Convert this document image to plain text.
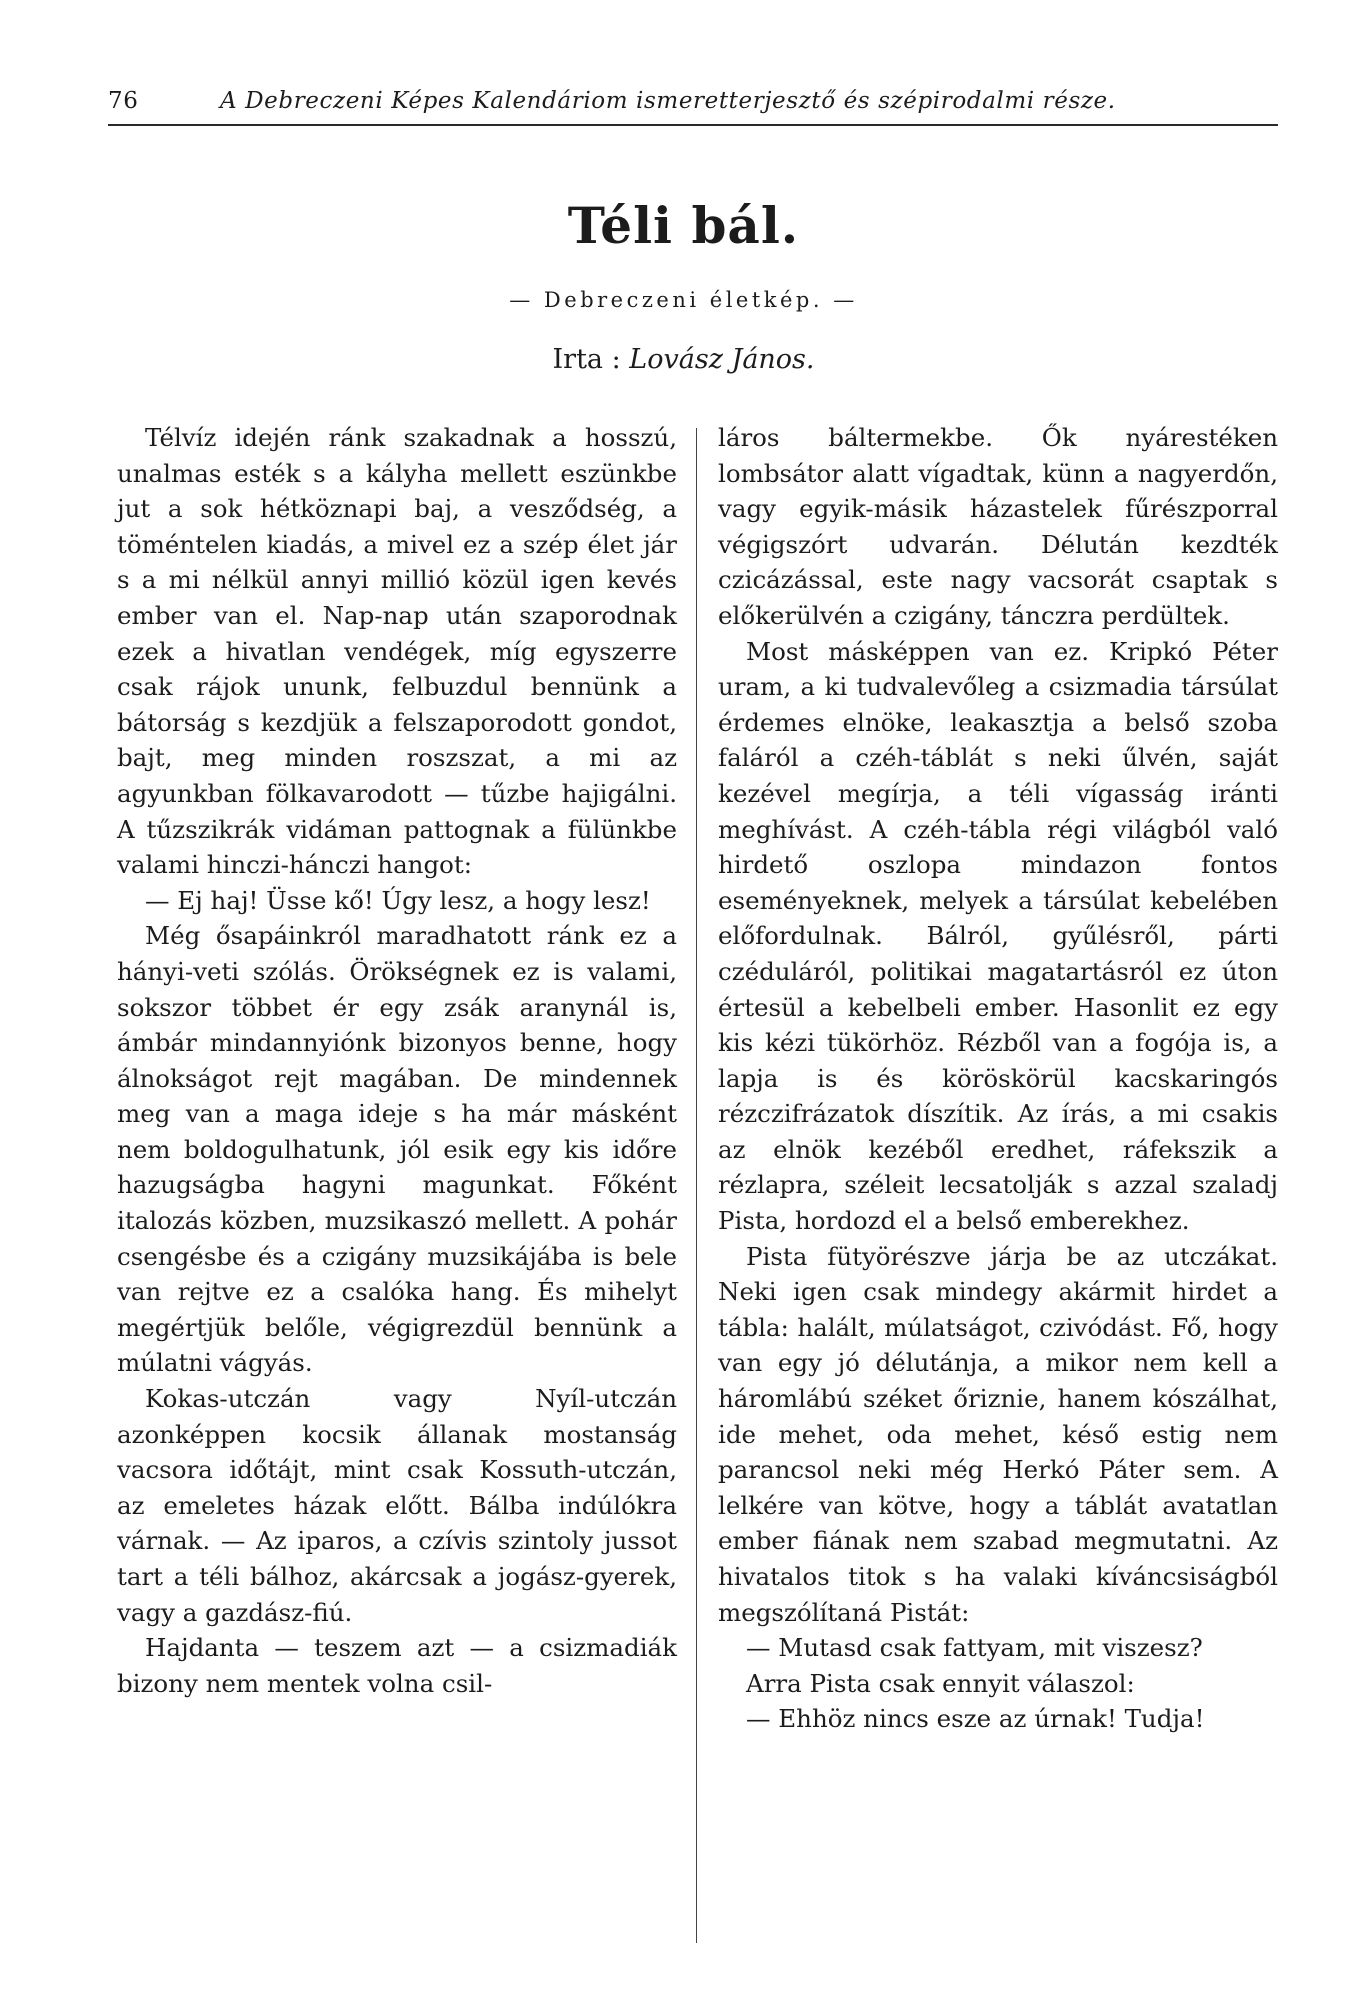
76	A Debreczeni Képes Kalendáriom ismeretterjesztő és szépirodalmi része.
Téli bál.
— Debreczeni életkép. —
Irta : Lovász János.

Télvíz idején ránk szakadnak a hosszú, unalmas esték s a kályha mellett eszünkbe jut a sok hétköznapi baj, a vesződség, a töméntelen kiadás, a mivel ez a szép élet jár s a mi nélkül annyi millió közül igen kevés ember van el. Nap-nap után szaporodnak ezek a hivatlan vendégek, míg egyszerre csak rájok ununk, felbuzdul bennünk a bátorság s kezdjük a felszaporodott gondot, bajt, meg minden roszszat, a mi az agyunkban fölkavarodott — tűzbe hajigálni. A tűzszikrák vidáman pattognak a fülünkbe valami hinczi-hánczi hangot:

— Ej haj! Üsse kő! Úgy lesz, a hogy lesz!

Még ősapáinkról maradhatott ránk ez a hányi-veti szólás. Örökségnek ez is valami, sokszor többet ér egy zsák aranynál is, ámbár mindannyiónk bizonyos benne, hogy álnokságot rejt magában. De mindennek meg van a maga ideje s ha már másként nem boldogulhatunk, jól esik egy kis időre hazugságba hagyni magunkat. Főként italozás közben, muzsikaszó mellett. A pohár csengésbe és a czigány muzsikájába is bele van rejtve ez a csalóka hang. És mihelyt megértjük belőle, végigrezdül bennünk a múlatni vágyás.

Kokas-utczán vagy Nyíl-utczán azonképpen kocsik állanak mostanság vacsora időtájt, mint csak Kossuth-utczán, az emeletes házak előtt. Bálba indúlókra várnak. — Az iparos, a czívis szintoly jussot tart a téli bálhoz, akárcsak a jogász-gyerek, vagy a gazdász-fiú.

Hajdanta — teszem azt — a csizmadiák bizony nem mentek volna csil-

láros báltermekbe. Ők nyárestéken lombsátor alatt vígadtak, künn a nagyerdőn, vagy egyik-másik házastelek fűrészporral végigszórt udvarán. Délután kezdték czicázással, este nagy vacsorát csaptak s előkerülvén a czigány, tánczra perdültek.

Most másképpen van ez. Kripkó Péter uram, a ki tudvalevőleg a csizmadia társúlat érdemes elnöke, leakasztja a belső szoba faláról a czéh-táblát s neki űlvén, saját kezével megírja, a téli vígasság iránti meghívást. A czéh-tábla régi világból való hirdető oszlopa mindazon fontos eseményeknek, melyek a társúlat kebelében előfordulnak. Bálról, gyűlésről, párti czéduláról, politikai magatartásról ez úton értesül a kebelbeli ember. Hasonlit ez egy kis kézi tükörhöz. Rézből van a fogója is, a lapja is és köröskörül kacskaringós rézczifrázatok díszítik. Az írás, a mi csakis az elnök kezéből eredhet, ráfekszik a rézlapra, széleit lecsatolják s azzal szaladj Pista, hordozd el a belső emberekhez.

Pista fütyörészve járja be az utczákat. Neki igen csak mindegy akármit hirdet a tábla: halált, múlatságot, czivódást. Fő, hogy van egy jó délutánja, a mikor nem kell a háromlábú széket őriznie, hanem kószálhat, ide mehet, oda mehet, késő estig nem parancsol neki még Herkó Páter sem. A lelkére van kötve, hogy a táblát avatatlan ember fiának nem szabad megmutatni. Az hivatalos titok s ha valaki kíváncsiságból megszólítaná Pistát:

— Mutasd csak fattyam, mit viszesz?

Arra Pista csak ennyit válaszol:

— Ehhöz nincs esze az úrnak! Tudja!
